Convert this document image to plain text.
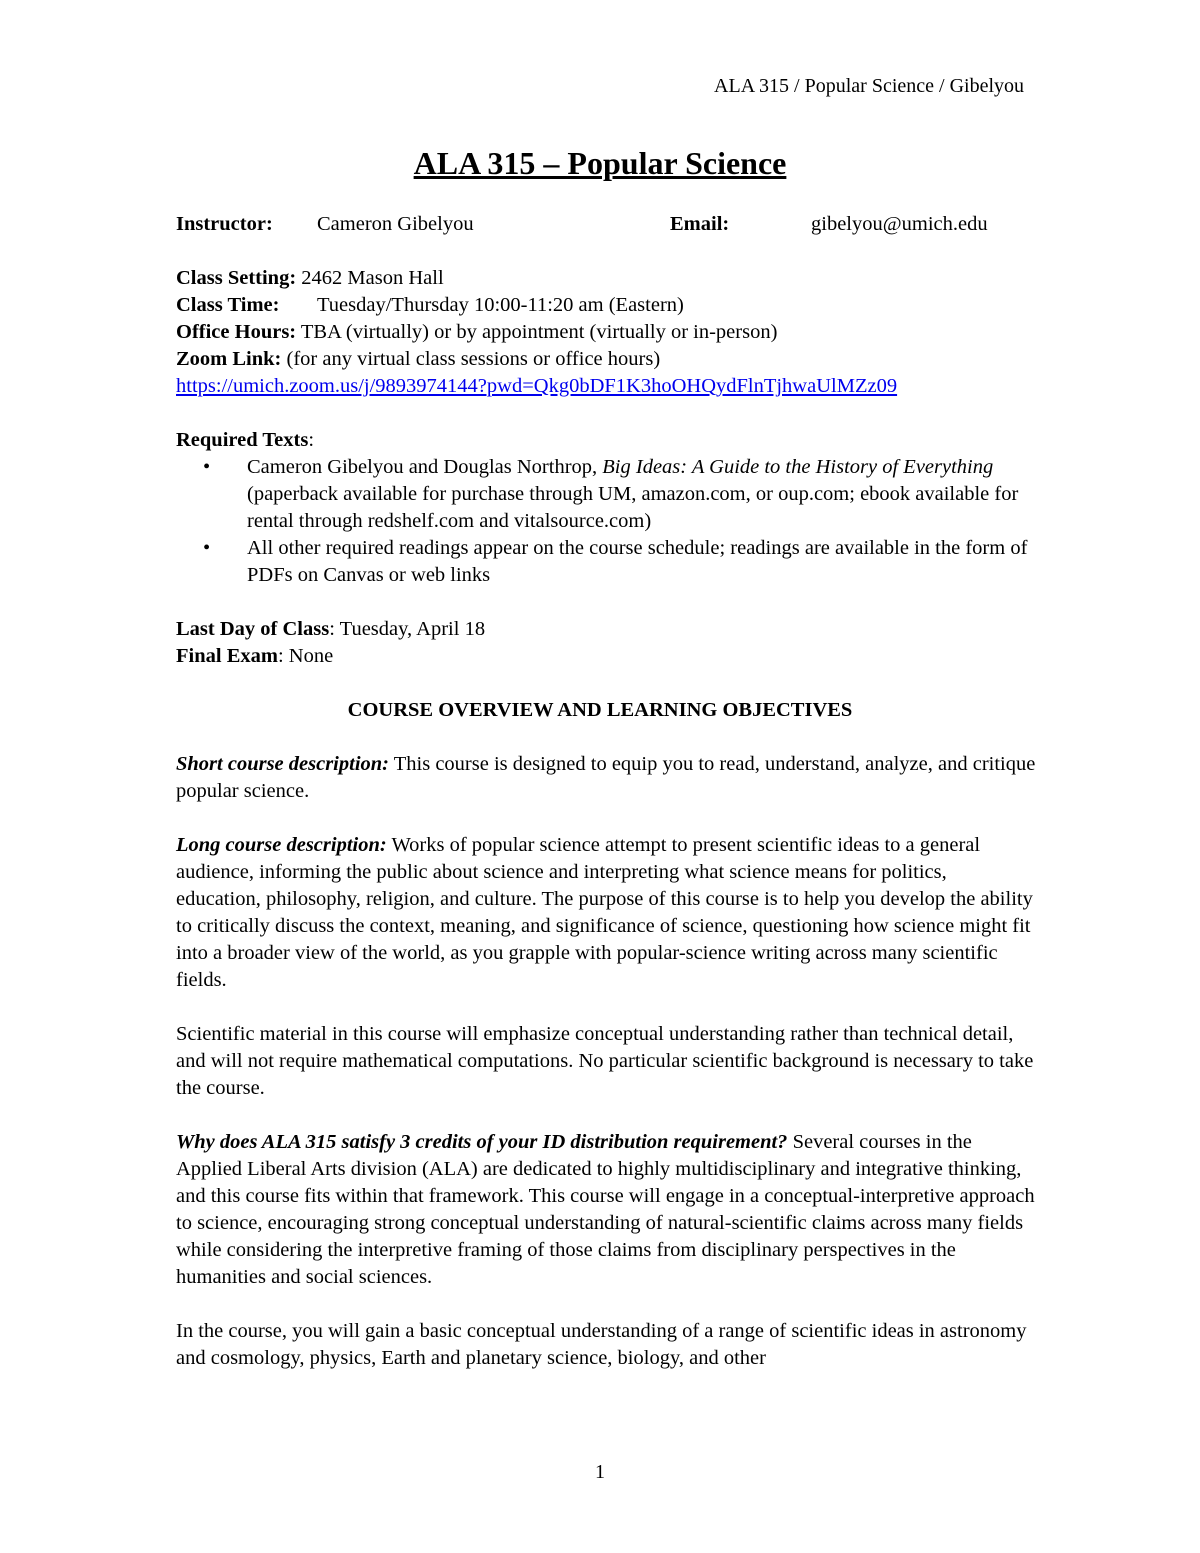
ALA 315 / Popular Science / Gibelyou
ALA 315 – Popular Science
Instructor: Cameron Gibelyou	Email:	gibelyou@umich.edu
Class Setting: 2462 Mason Hall
Class Time: Tuesday/Thursday 10:00-11:20 am (Eastern)
Office Hours: TBA (virtually) or by appointment (virtually or in-person)
Zoom Link: (for any virtual class sessions or office hours)
https://umich.zoom.us/j/9893974144?pwd=Qkg0bDF1K3hoOHQydFlnTjhwaUlMZz09
Required Texts:
• Cameron Gibelyou and Douglas Northrop, Big Ideas: A Guide to the History of Everything (paperback available for purchase through UM, amazon.com, or oup.com; ebook available for rental through redshelf.com and vitalsource.com)
• All other required readings appear on the course schedule; readings are available in the form of PDFs on Canvas or web links
Last Day of Class: Tuesday, April 18
Final Exam: None
COURSE OVERVIEW AND LEARNING OBJECTIVES

Short course description: This course is designed to equip you to read, understand, analyze, and critique popular science.

Long course description: Works of popular science attempt to present scientific ideas to a general audience, informing the public about science and interpreting what science means for politics, education, philosophy, religion, and culture. The purpose of this course is to help you develop the ability to critically discuss the context, meaning, and significance of science, questioning how science might fit into a broader view of the world, as you grapple with popular-science writing across many scientific fields.

Scientific material in this course will emphasize conceptual understanding rather than technical detail, and will not require mathematical computations. No particular scientific background is necessary to take the course.

Why does ALA 315 satisfy 3 credits of your ID distribution requirement? Several courses in the Applied Liberal Arts division (ALA) are dedicated to highly multidisciplinary and integrative thinking, and this course fits within that framework. This course will engage in a conceptual-interpretive approach to science, encouraging strong conceptual understanding of natural-scientific claims across many fields while considering the interpretive framing of those claims from disciplinary perspectives in the humanities and social sciences.

In the course, you will gain a basic conceptual understanding of a range of scientific ideas in astronomy and cosmology, physics, Earth and planetary science, biology, and other

1
